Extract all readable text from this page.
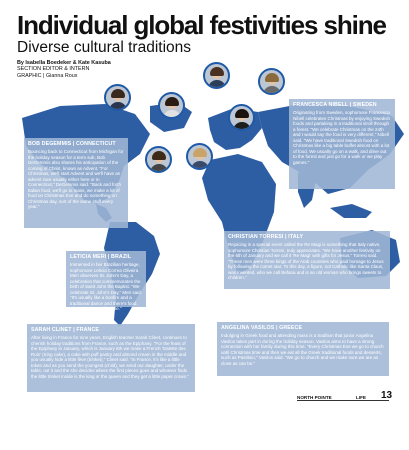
Individual global festivities shine
Diverse cultural traditions
By Isabella Boedeker & Kate Kasuba
SECTION EDITOR & INTERN
GRAPHIC | Gianna Roux
BOB DEGEMMIS | CONNECTICUT
Bouncing back to Connecticut from Michigan for the holiday season for a term sub, Bob DeGemmis also shares his anticipation of the coming of Christ, known as Advent. "For Christmas, we'll start Advent and we'll have an advent race usually either here or in Connecticut," DeGemmis said. "Back and forth Italian food, we'll go to mass, we make a lot of food on Christmas Eve and do something on Christmas day, sort of the same stuff every year."
FRANCESCA NIBELL | SWEDEN
Originating from Sweden, sophomore Francesca Nibell celebrates Christmas by enjoying Swedish foods and partaking in a traditional stroll through a forest. "We celebrate Christmas on the 24th and I would say the food is very different," Nibell said. "We have traditional Swedish food on Christmas like a big table buffet almost with a lot of food. We usually go on a walk, and drive out to the forest and just go for a walk or we play games."
LETICIA MERI | BRAZIL
Immersed in her Brazilian heritage, sophomore Leticia Correa Oliveira Meri observes St. John's Day, a celebration that commemorates the birth of Saint John the Baptist. "We celebrate St. John's Day," Meri said. "It's usually like a bonfire and a traditional dance and there's food. There is no specific date."
CHRISTIAN TORRESI | ITALY
Rejoicing in a special event called the Re Magi is something that Italy native, sophomore Christian Torresi, truly appreciates. "We have another festivity on the 6th of January and we call it 'Re Magi' with gifts for Jesus," Torresi said. "These men were three kings of the Arab countries who paid homage to Jesus by following the comet star. To this day, a figure, not Catholic like Santa Claus, was invented, who we call Befana and is an old woman who brings sweets to children."
SARAH CLINET | FRANCE
After living in France for nine years, English teacher Sarah Clinet, continues to cherish holiday traditions from France, such as the Epiphany. "For the feast of the Epiphany in January, which is January 6th we make a French 'Galette des Rois' (King cake), a cake with puff pastry and almond cream in the middle and you usually hide a little fève (trinket)," Clinet said. "In France, it's like a little token and as you send the youngest (child), we send our daughter, under the table, out it and the she decides where the first pieces goes and whoever finds the little trinket inside is the king or the queen and they get a little paper crown."
ANGELINA VASILOS | GREECE
Indulging in Greek food and attending mass is a tradition that junior Angelina Vasilos takes part in during the holiday season. Vasilos aims to have a strong connection with her family during this time. "Every Christmas Eve we go to church until Christmas time and then we eat all the Greek traditional foods and desserts, such as Pastitsio," Vasilos said. "We go to church and we make sure we are as close as can be."
NORTH POINTE	LIFE 13
